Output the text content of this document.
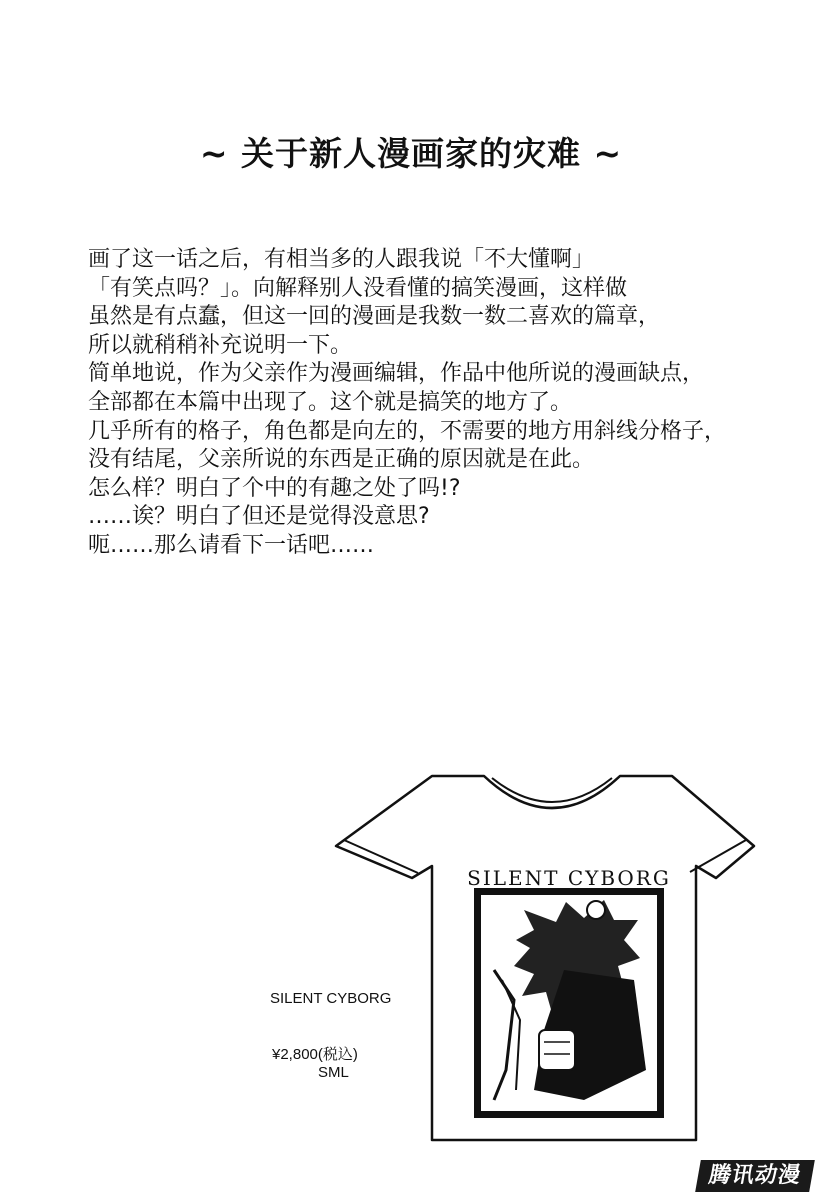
~ 关于新人漫画家的灾难 ~
画了这一话之后，有相当多的人跟我说「不大懂啊」
「有笑点吗？」。向解释别人没看懂的搞笑漫画，这样做
虽然是有点蠢，但这一回的漫画是我数一数二喜欢的篇章，
所以就稍稍补充说明一下。
简单地说，作为父亲作为漫画编辑，作品中他所说的漫画缺点，
全部都在本篇中出现了。这个就是搞笑的地方了。
几乎所有的格子，角色都是向左的，不需要的地方用斜线分格子，
没有结尾，父亲所说的东西是正确的原因就是在此。
怎么样？明白了个中的有趣之处了吗!?
……诶？明白了但还是觉得没意思?
呃……那么请看下一话吧……
SILENT CYBORG
SILENT CYBORG
¥2,800(税込)
SML
腾讯动漫
